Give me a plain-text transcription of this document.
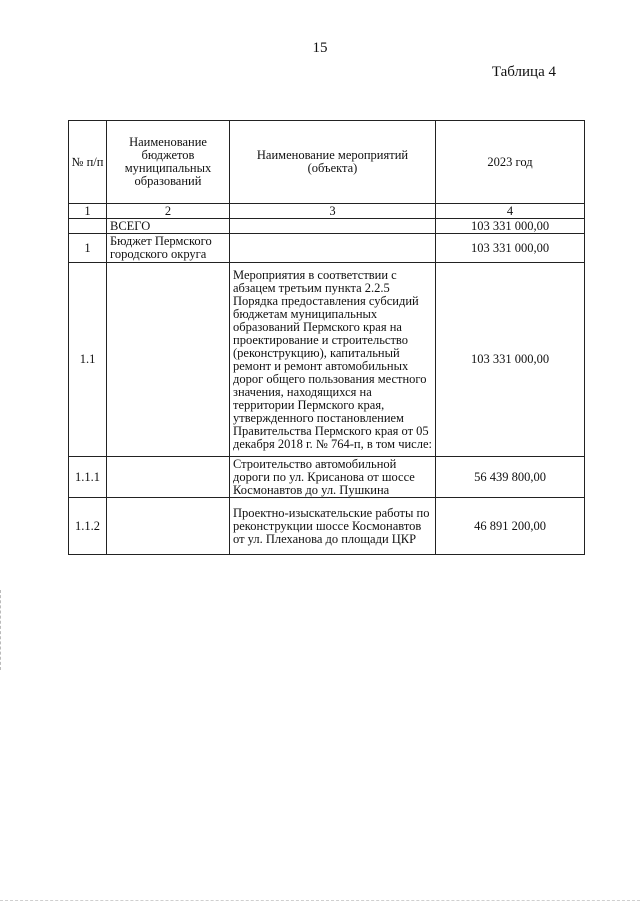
15
Таблица 4
№ п/п	Наименование бюджетов муниципальных образований	Наименование мероприятий (объекта)	2023 год
1	2	3	4
	ВСЕГО		103 331 000,00
1	Бюджет Пермского городского округа		103 331 000,00
1.1		Мероприятия в соответствии с абзацем третьим пункта 2.2.5 Порядка предоставления субсидий бюджетам муниципальных образований Пермского края на проектирование и строительство (реконструкцию), капитальный ремонт и ремонт автомобильных дорог общего пользования местного значения, находящихся на территории Пермского края, утвержденного постановлением Правительства Пермского края от 05 декабря 2018 г. № 764-п, в том числе:	103 331 000,00
1.1.1		Строительство автомобильной дороги по ул. Крисанова от шоссе Космонавтов до ул. Пушкина	56 439 800,00
1.1.2		Проектно-изыскательские работы по реконструкции шоссе Космонавтов от ул. Плеханова до площади ЦКР	46 891 200,00
